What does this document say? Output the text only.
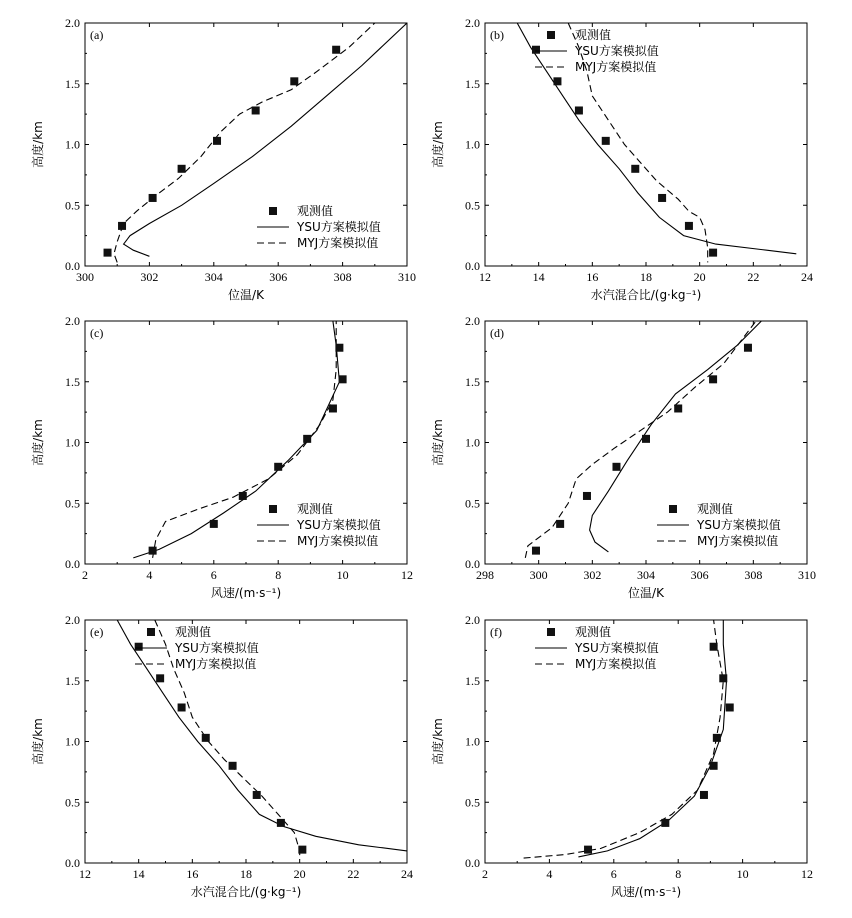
300	302	304	306	308	310
0.0
0.5
1.0
1.5
2.0
位温/K
高度/km
(a)
观测值
YSU方案模拟值
MYJ方案模拟值
12	14	16	18	20	22	24
0.0
0.5
1.0
1.5
2.0
水汽混合比/(g·kg⁻¹)
高度/km
(b)	观测值
YSU方案模拟值
MYJ方案模拟值
2	4	6	8	10	12
0.0
0.5
1.0
1.5
2.0
风速/(m·s⁻¹)
高度/km
(c)
观测值
YSU方案模拟值
MYJ方案模拟值
298	300	302	304	306	308	310
0.0
0.5
1.0
1.5
2.0
位温/K
高度/km
(d)
观测值
YSU方案模拟值
MYJ方案模拟值
12	14	16	18	20	22	24
0.0
0.5
1.0
1.5
2.0
水汽混合比/(g·kg⁻¹)
高度/km
(e)	观测值
YSU方案模拟值
MYJ方案模拟值
2	4	6	8	10	12
0.0
0.5
1.0
1.5
2.0
风速/(m·s⁻¹)
高度/km
(f)	观测值
YSU方案模拟值
MYJ方案模拟值
